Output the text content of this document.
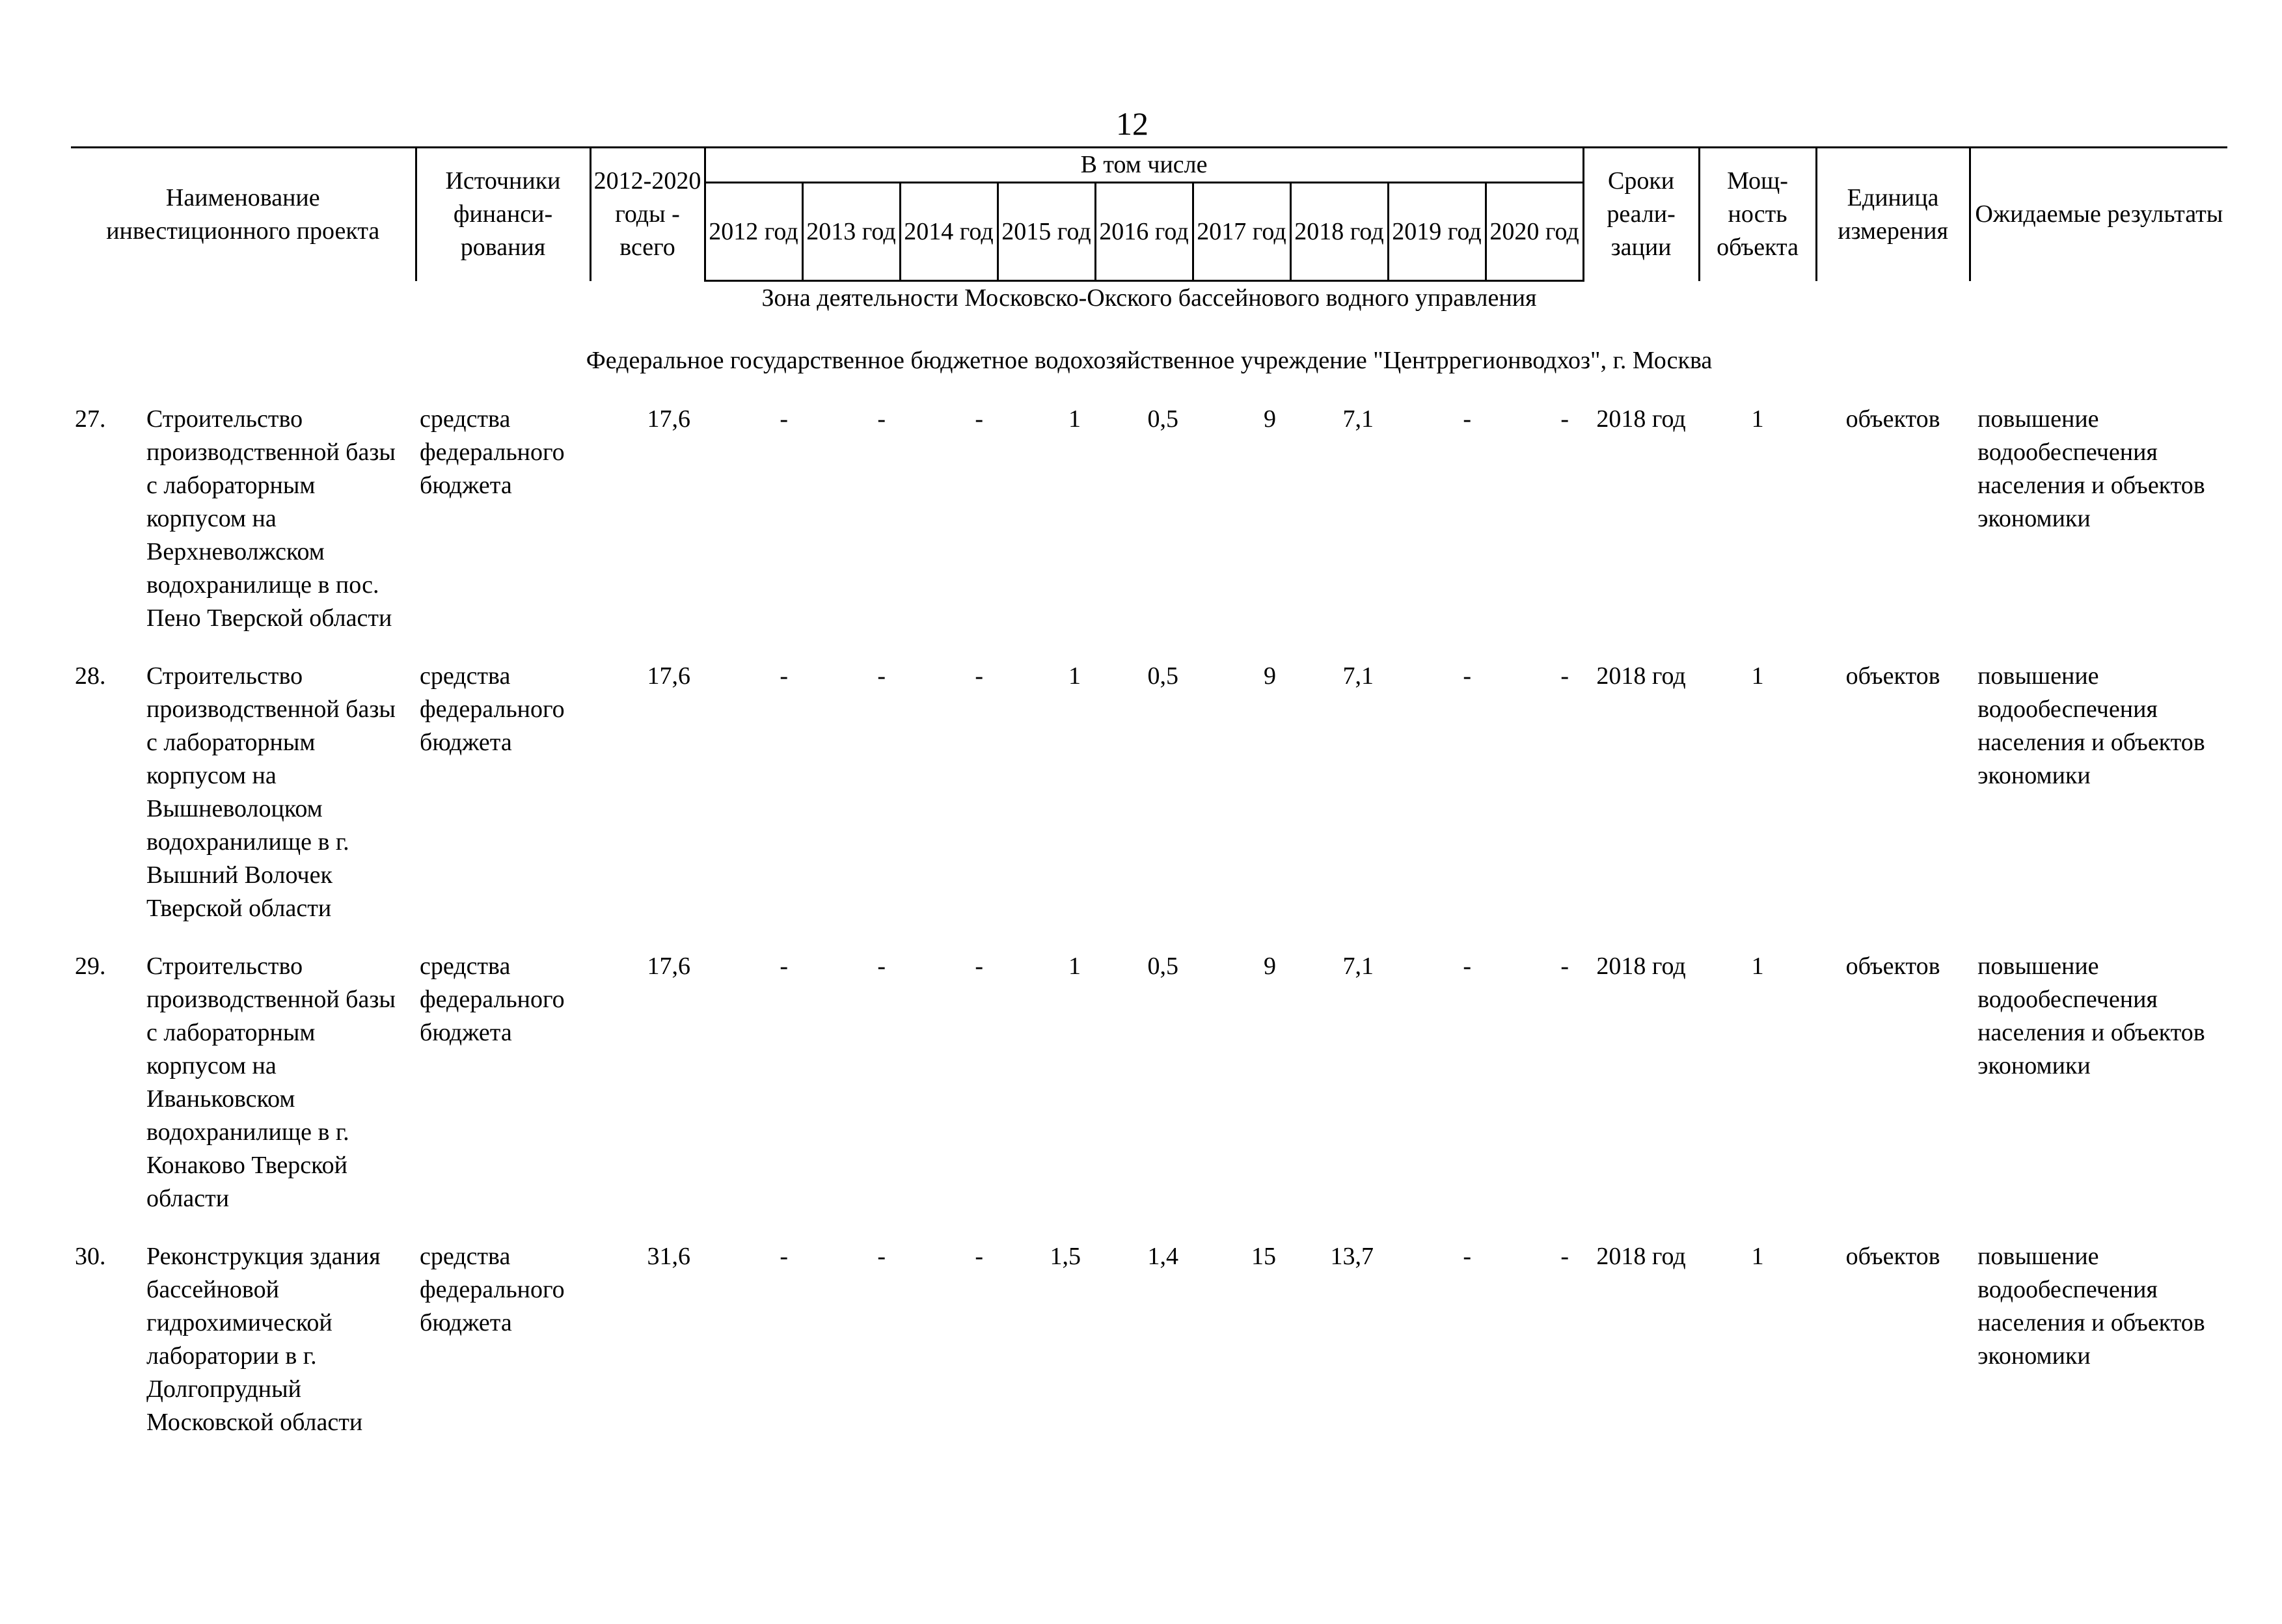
12
Наименование инвестиционного проекта	Источники финанси-рования	2012-2020 годы - всего	В том числе									Сроки реали-зации	Мощ-ность объекта	Единица измерения	Ожидаемые результаты
			2012 год	2013 год	2014 год	2015 год	2016 год	2017 год	2018 год	2019 год	2020 год				
Зона деятельности Московско-Окского бассейнового водного управления															
Федеральное государственное бюджетное водохозяйственное учреждение "Центррегионводхоз", г. Москва															

27. Строительство производственной базы с лабораторным корпусом на Верхневолжском водохранилище в пос. Пено Тверской области	средства федерального бюджета	17,6	-	-	-	1	0,5	9	7,1	-	-	2018 год	1	объектов	повышение водообеспечения населения и объектов экономики

28. Строительство производственной базы с лабораторным корпусом на Вышневолоцком водохранилище в г. Вышний Волочек Тверской области	средства федерального бюджета	17,6	-	-	-	1	0,5	9	7,1	-	-	2018 год	1	объектов	повышение водообеспечения населения и объектов экономики

29. Строительство производственной базы с лабораторным корпусом на Иваньковском водохранилище в г. Конаково Тверской области	средства федерального бюджета	17,6	-	-	-	1	0,5	9	7,1	-	-	2018 год	1	объектов	повышение водообеспечения населения и объектов экономики

30. Реконструкция здания бассейновой гидрохимической лаборатории в г. Долгопрудный Московской области	средства федерального бюджета	31,6	-	-	-	1,5	1,4	15	13,7	-	-	2018 год	1	объектов	повышение водообеспечения населения и объектов экономики
